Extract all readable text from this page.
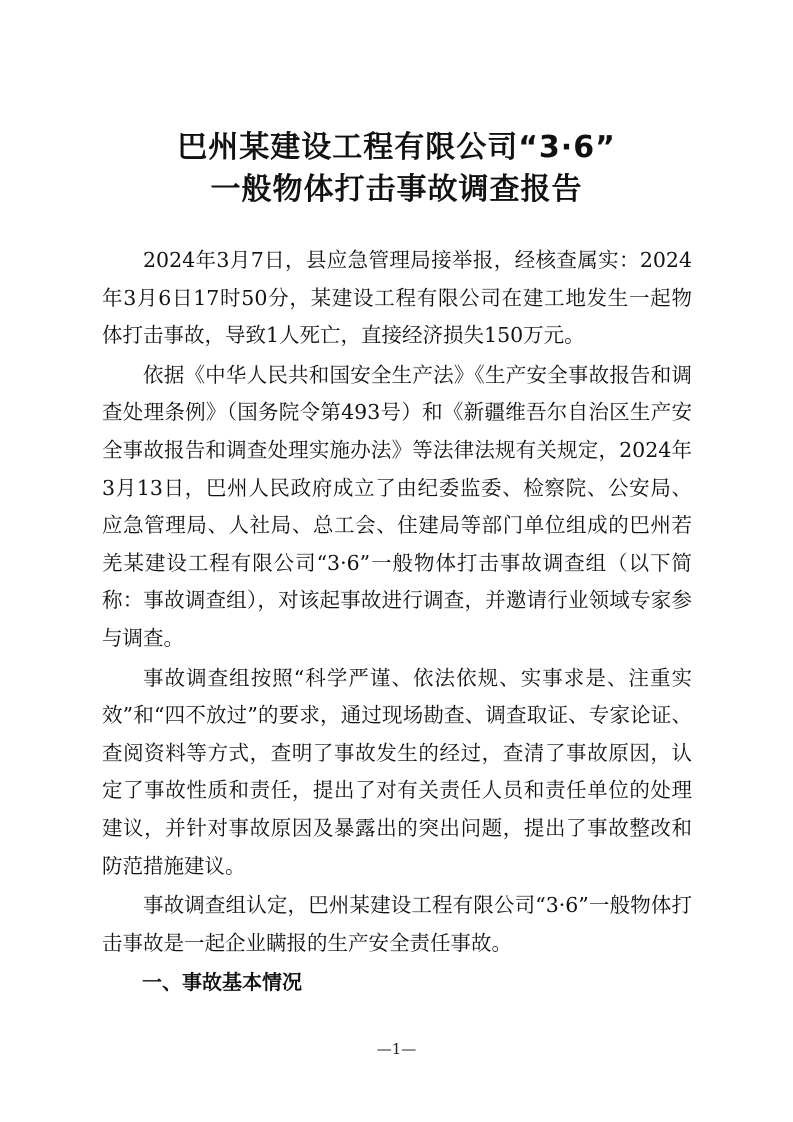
巴州某建设工程有限公司“3·6”
一般物体打击事故调查报告

2024年3月7日，县应急管理局接举报，经核查属实：2024年3月6日17时50分，某建设工程有限公司在建工地发生一起物体打击事故，导致1人死亡，直接经济损失150万元。

依据《中华人民共和国安全生产法》《生产安全事故报告和调查处理条例》（国务院令第493号）和《新疆维吾尔自治区生产安全事故报告和调查处理实施办法》等法律法规有关规定，2024年3月13日，巴州人民政府成立了由纪委监委、检察院、公安局、应急管理局、人社局、总工会、住建局等部门单位组成的巴州若羌某建设工程有限公司“3·6”一般物体打击事故调查组（以下简称：事故调查组），对该起事故进行调查，并邀请行业领域专家参与调查。

事故调查组按照“科学严谨、依法依规、实事求是、注重实效”和“四不放过”的要求，通过现场勘查、调查取证、专家论证、查阅资料等方式，查明了事故发生的经过，查清了事故原因，认定了事故性质和责任，提出了对有关责任人员和责任单位的处理建议，并针对事故原因及暴露出的突出问题，提出了事故整改和防范措施建议。

事故调查组认定，巴州某建设工程有限公司“3·6”一般物体打击事故是一起企业瞒报的生产安全责任事故。

一、事故基本情况

—1—
